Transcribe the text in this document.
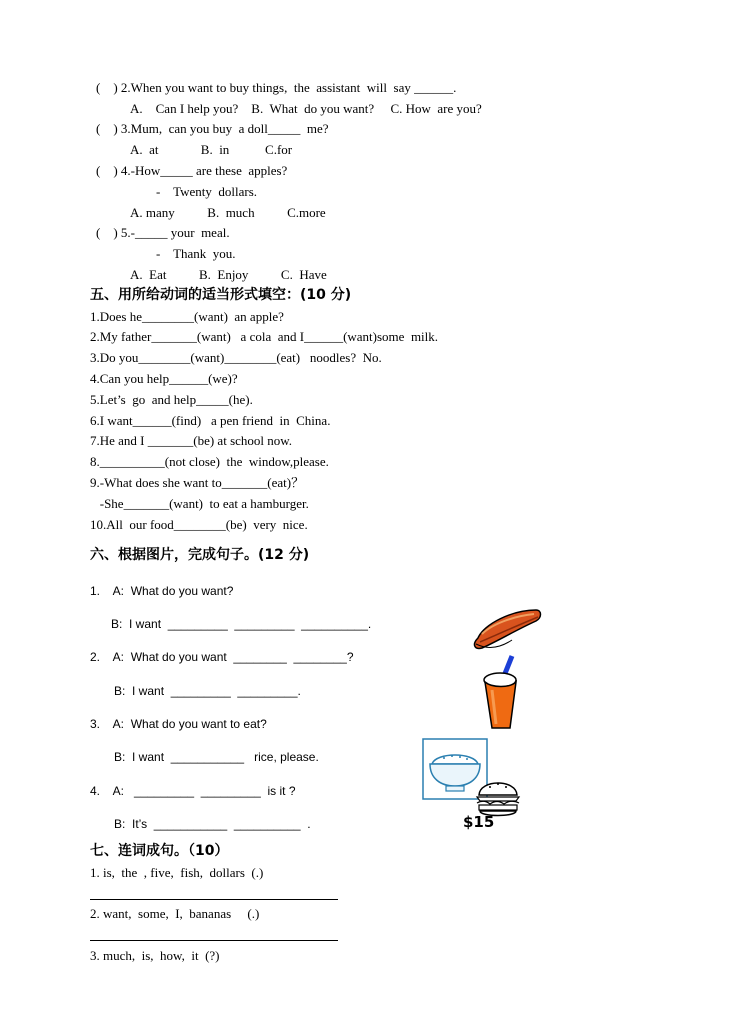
(    ) 2.When you want to buy things,  the  assistant  will  say ______.
A.    Can I help you?    B.  What  do you want?     C. How  are you?
(    ) 3.Mum,  can you buy  a doll_____  me?
A.  at             B.  in           C.for
(    ) 4.-How_____ are these  apples?
-    Twenty  dollars.
A. many          B.  much          C.more
(    ) 5.-_____ your  meal.
-    Thank  you.
A.  Eat          B.  Enjoy          C.  Have
五、用所给动词的适当形式填空：(10 分)
1.Does he________(want)  an apple?
2.My father_______(want)   a cola  and I______(want)some  milk.
3.Do you________(want)________(eat)   noodles?  No.
4.Can you help______(we)?
5.Let’s  go  and help_____(he).
6.I want______(find)   a pen friend  in  China.
7.He and I _______(be) at school now.
8.__________(not close)  the  window,please.
9.-What does she want to_______(eat)？
-She_______(want)  to eat a hamburger.
10.All  our food________(be)  very  nice.
六、根据图片，完成句子。(12 分)
1.    A:  What do you want?
B:  I want  _________  _________  __________.
2.    A:  What do you want  ________  ________?
B:  I want  _________  _________.
3.    A:  What do you want to eat?
B:  I want  ___________   rice, please.
4.    A:   _________  _________  is it ?
B:  It’s  ___________  __________  .	$15
七、连词成句。（10）
1. is,  the  , five,  fish,  dollars  (.)
2. want,  some,  I,  bananas     (.)
3. much,  is,  how,  it  (?)
